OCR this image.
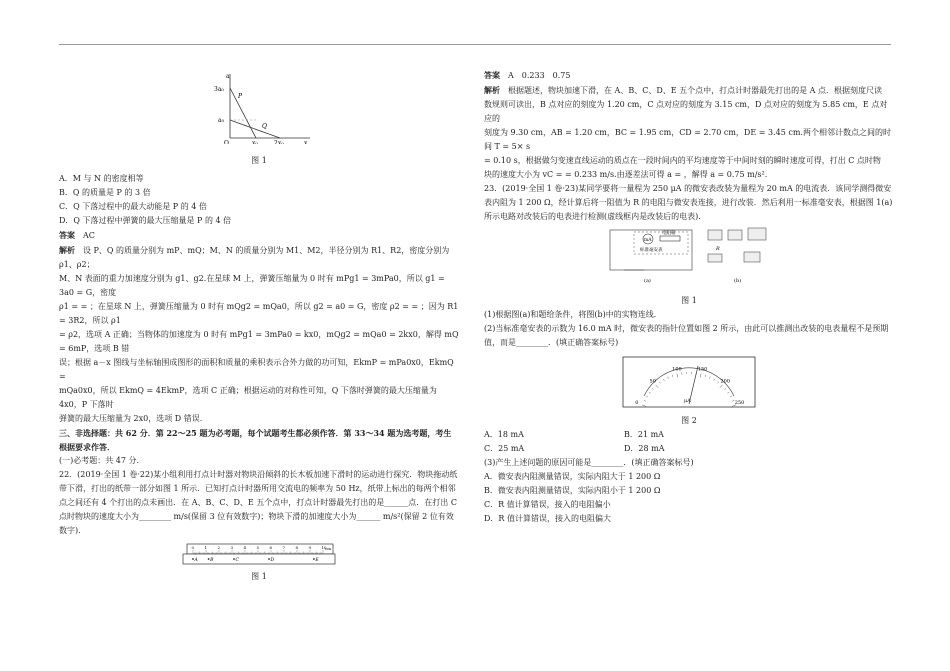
a
3a₀
a₀
O
P
Q
x₀	2x₀	x
图 1

A．M 与 N 的密度相等

B．Q 的质量是 P 的 3 倍

C．Q 下落过程中的最大动能是 P 的 4 倍

D．Q 下落过程中弹簧的最大压缩量是 P 的 4 倍

答案　 AC

解析　 设 P、Q 的质量分别为 mP、mQ；M、N 的质量分别为 M1、M2，半径分别为 R1、R2，密度分别为 ρ1、ρ2；

M、N 表面的重力加速度分别为 g1、g2.在星球 M 上，弹簧压缩量为 0 时有 mPg1 = 3mPa0，所以 g1 = 3a0 = G，密度

ρ1 = = ；在星球 N 上，弹簧压缩量为 0 时有 mQg2 = mQa0，所以 g2 = a0 = G，密度 ρ2 = = ；因为 R1 = 3R2，所以 ρ1

= ρ2，选项 A 正确；当物体的加速度为 0 时有 mPg1 = 3mPa0 = kx0，mQg2 = mQa0 = 2kx0，解得 mQ = 6mP，选项 B 错

误；根据 a－x 图线与坐标轴围成图形的面积和质量的乘积表示合外力做的功可知，EkmP = mPa0x0，EkmQ =

mQa0x0，所以 EkmQ = 4EkmP，选项 C 正确；根据运动的对称性可知，Q 下落时弹簧的最大压缩量为 4x0，P 下落时

弹簧的最大压缩量为 2x0，选项 D 错误.

三、非选择题：共 62 分．第 22～25 题为必考题，每个试题考生都必须作答．第 33～34 题为选考题，考生根据要求作答．

(一)必考题：共 47 分．

22．(2019·全国 1 卷·22)某小组利用打点计时器对物块沿倾斜的长木板加速下滑时的运动进行探究．物块拖动纸带下滑，打出的纸带一部分如图 1 所示．已知打点计时器所用交流电的频率为 50 Hz，纸带上标出的每两个相邻点之间还有 4 个打出的点未画出．在 A、B、C、D、E 五个点中，打点计时器最先打出的是______点．在打出 C 点时物块的速度大小为________ m/s(保留 3 位有效数字)；物块下滑的加速度大小为______ m/s²(保留 2 位有效数字)．

0	1	2	3	4	5	6	7	8	9	10
cm
A	B	C	D	E
图 1

答案　 A　0.233　0.75

解析　 根据题述，物块加速下滑，在 A、B、C、D、E 五个点中，打点计时器最先打出的是 A 点．根据刻度尺读

数规则可读出，B 点对应的刻度为 1.20 cm，C 点对应的刻度为 3.15 cm，D 点对应的刻度为 5.85 cm，E 点对应的

刻度为 9.30 cm，AB = 1.20 cm，BC = 1.95 cm，CD = 2.70 cm，DE = 3.45 cm.两个相邻计数点之间的时间 T = 5× s

= 0.10 s，根据做匀变速直线运动的质点在一段时间内的平均速度等于中间时刻的瞬时速度可得，打出 C 点时物

块的速度大小为 vC = = 0.233 m/s.由逐差法可得 a = ，解得 a = 0.75 m/s².

23．(2019·全国 1 卷·23)某同学要将一量程为 250 μA 的微安表改装为量程为 20 mA 的电流表．该同学测得微安表内阻为 1 200 Ω，经计算后将一阻值为 R 的电阻与微安表连接，进行改装．然后利用一标准毫安表，根据图 1(a)所示电路对改装后的电表进行检测(虚线框内是改装后的电表)．

mA
电阻箱
标准毫安表
(a)
R
(b)
图 1

(1)根据图(a)和题给条件，将图(b)中的实物连线．

(2)当标准毫安表的示数为 16.0 mA 时，微安表的指针位置如图 2 所示，由此可以推测出改装的电表量程不是预期值，而是________．(填正确答案标号)

0
50
100	150
200
250
μA
图 2
A．18 mA	B．21 mA
C．25 mA	D．28 mA

(3)产生上述问题的原因可能是________．(填正确答案标号)

A．微安表内阻测量错误，实际内阻大于 1 200 Ω

B．微安表内阻测量错误，实际内阻小于 1 200 Ω

C．R 值计算错误，接入的电阻偏小

D．R 值计算错误，接入的电阻偏大
